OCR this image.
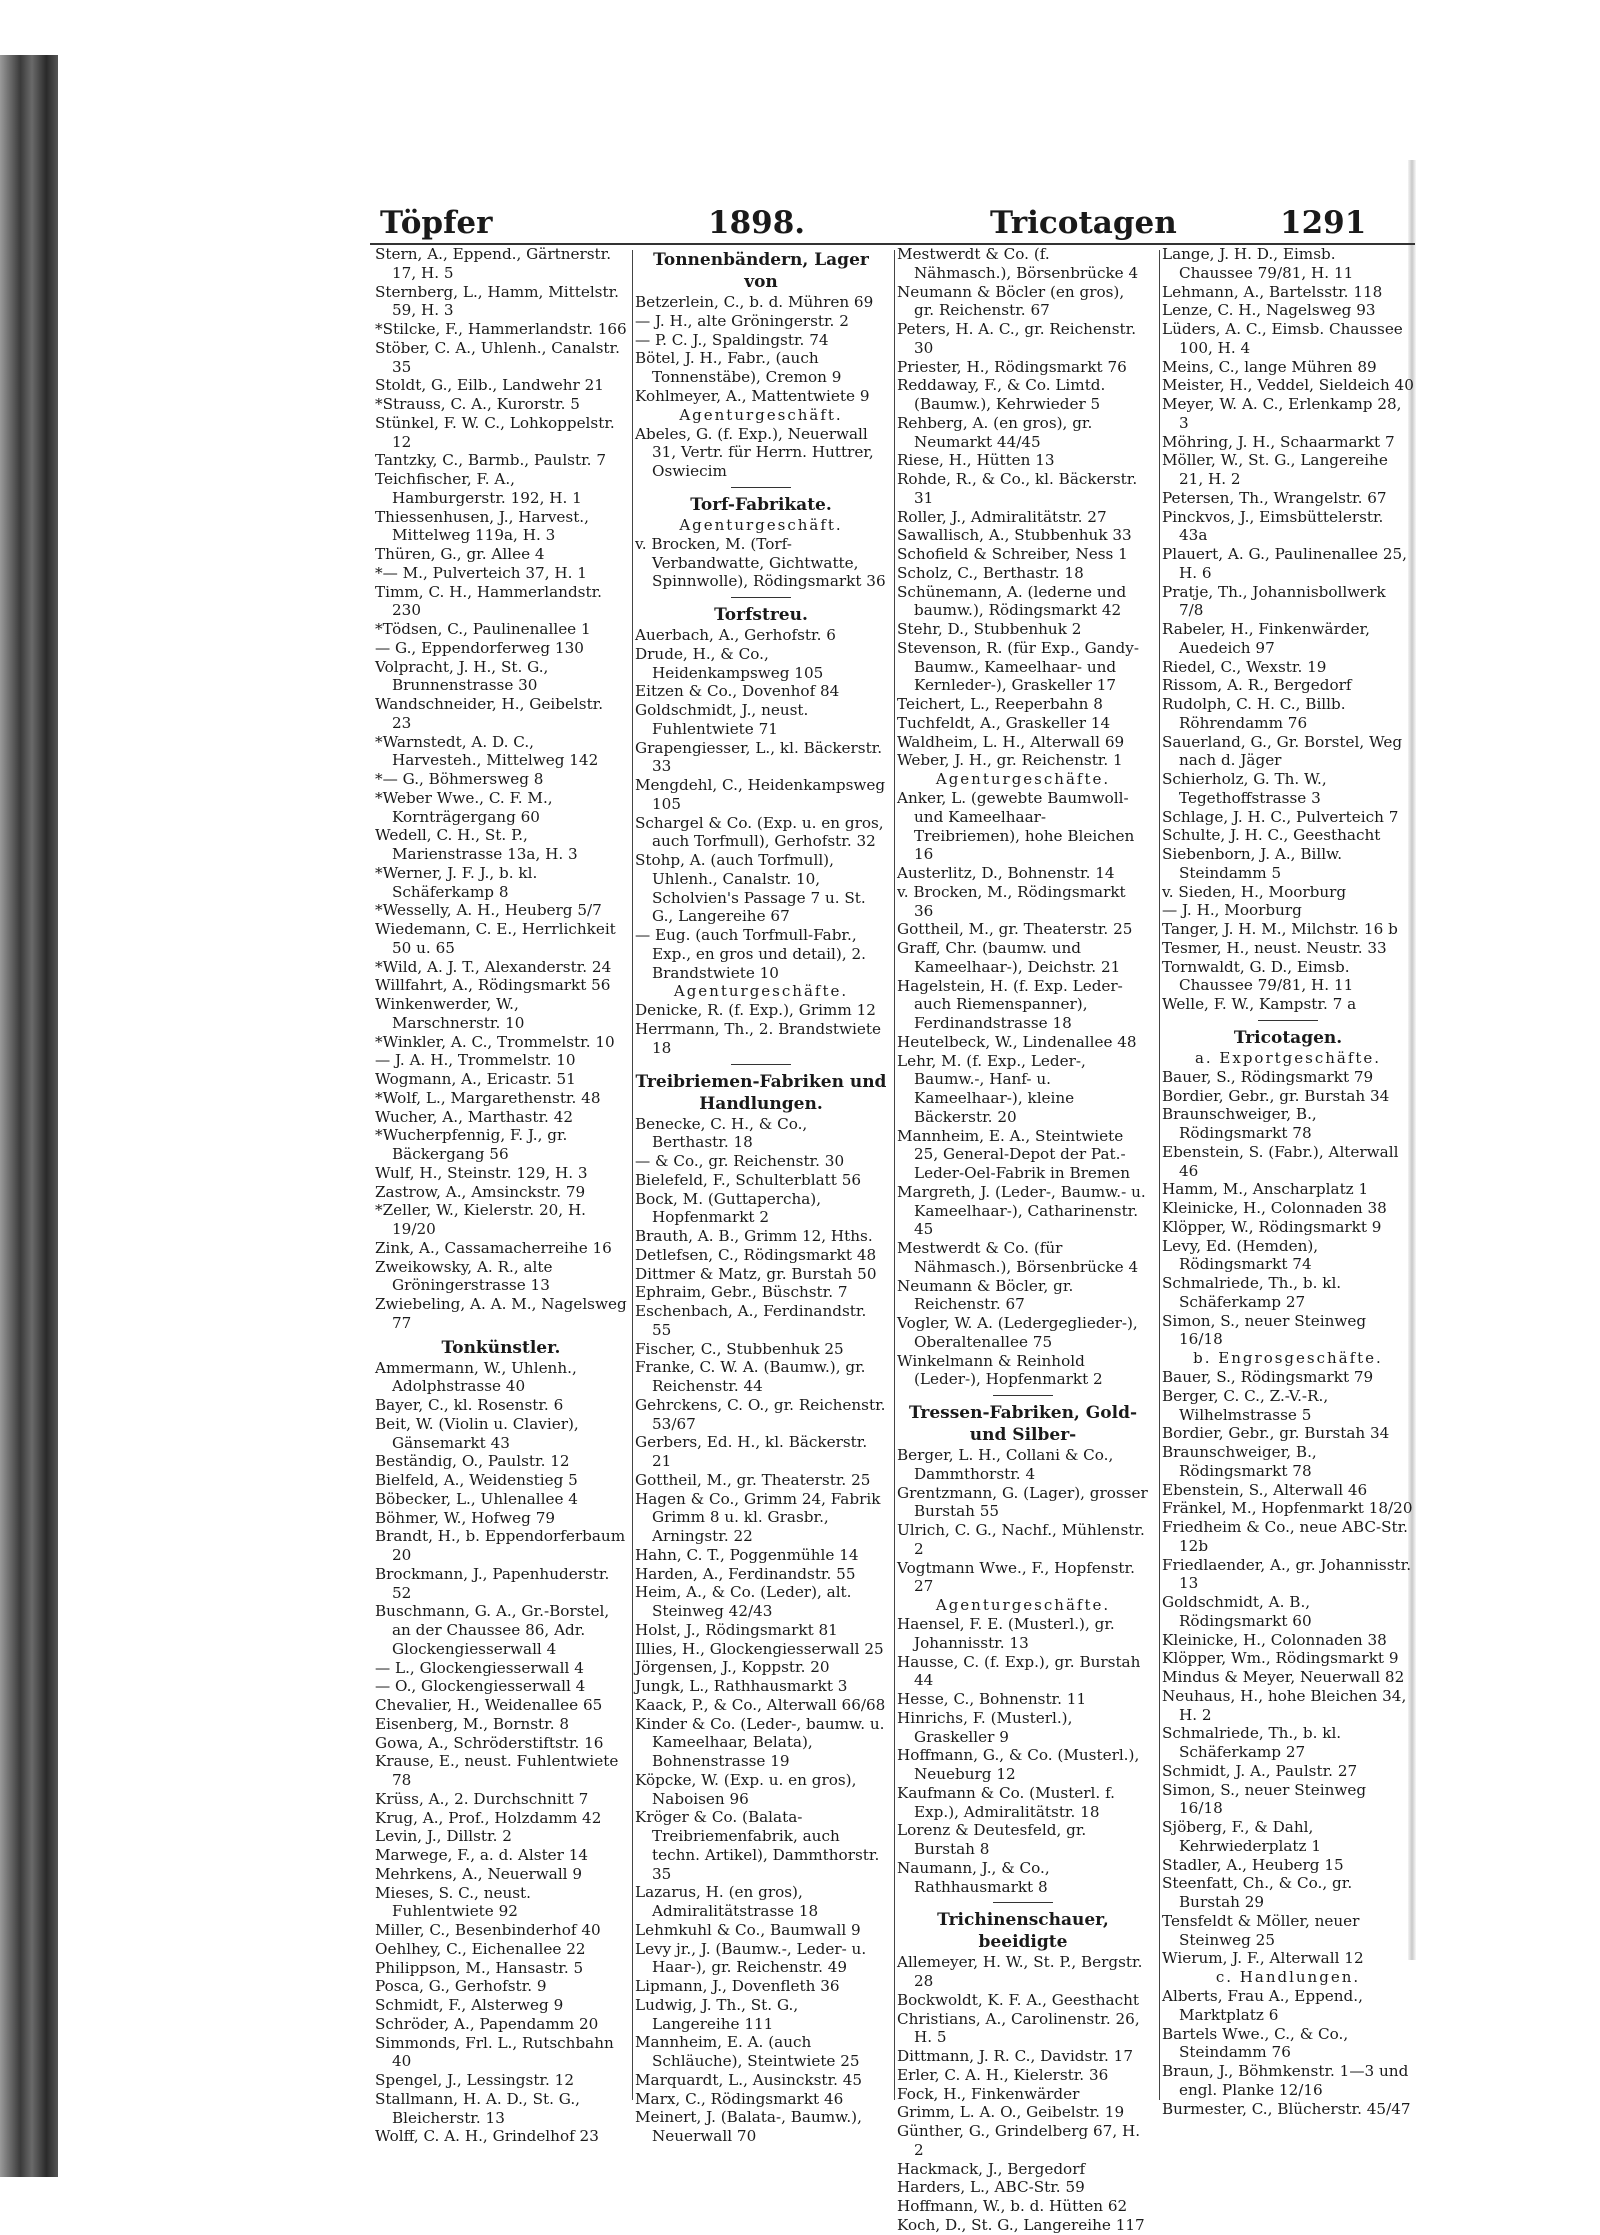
Töpfer	1898.	Tricotagen	1291
Stern, A., Eppend., Gärtnerstr. 17, H. 5
Sternberg, L., Hamm, Mittelstr. 59, H. 3
*Stilcke, F., Hammerlandstr. 166
Stöber, C. A., Uhlenh., Canalstr. 35
Stoldt, G., Eilb., Landwehr 21
*Strauss, C. A., Kurorstr. 5
Stünkel, F. W. C., Lohkoppelstr. 12
Tantzky, C., Barmb., Paulstr. 7
Teichfischer, F. A., Hamburgerstr. 192, H. 1
Thiessenhusen, J., Harvest., Mittelweg 119a, H. 3
Thüren, G., gr. Allee 4
*— M., Pulverteich 37, H. 1
Timm, C. H., Hammerlandstr. 230
*Tödsen, C., Paulinenallee 1
— G., Eppendorferweg 130
Volpracht, J. H., St. G., Brunnenstrasse 30
Wandschneider, H., Geibelstr. 23
*Warnstedt, A. D. C., Harvesteh., Mittelweg 142
*— G., Böhmersweg 8
*Weber Wwe., C. F. M., Kornträgergang 60
Wedell, C. H., St. P., Marienstrasse 13a, H. 3
*Werner, J. F. J., b. kl. Schäferkamp 8
*Wesselly, A. H., Heuberg 5/7
Wiedemann, C. E., Herrlichkeit 50 u. 65
*Wild, A. J. T., Alexanderstr. 24
Willfahrt, A., Rödingsmarkt 56
Winkenwerder, W., Marschnerstr. 10
*Winkler, A. C., Trommelstr. 10
— J. A. H., Trommelstr. 10
Wogmann, A., Ericastr. 51
*Wolf, L., Margarethenstr. 48
Wucher, A., Marthastr. 42
*Wucherpfennig, F. J., gr. Bäckergang 56
Wulf, H., Steinstr. 129, H. 3
Zastrow, A., Amsinckstr. 79
*Zeller, W., Kielerstr. 20, H. 19/20
Zink, A., Cassamacherreihe 16
Zweikowsky, A. R., alte Gröningerstrasse 13
Zwiebeling, A. A. M., Nagelsweg 77
Tonkünstler.
Ammermann, W., Uhlenh., Adolphstrasse 40
Bayer, C., kl. Rosenstr. 6
Beit, W. (Violin u. Clavier), Gänsemarkt 43
Beständig, O., Paulstr. 12
Bielfeld, A., Weidenstieg 5
Böbecker, L., Uhlenallee 4
Böhmer, W., Hofweg 79
Brandt, H., b. Eppendorferbaum 20
Brockmann, J., Papenhuderstr. 52
Buschmann, G. A., Gr.-Borstel, an der Chaussee 86, Adr. Glockengiesserwall 4
— L., Glockengiesserwall 4
— O., Glockengiesserwall 4
Chevalier, H., Weidenallee 65
Eisenberg, M., Bornstr. 8
Gowa, A., Schröderstiftstr. 16
Krause, E., neust. Fuhlentwiete 78
Krüss, A., 2. Durchschnitt 7
Krug, A., Prof., Holzdamm 42
Levin, J., Dillstr. 2
Marwege, F., a. d. Alster 14
Mehrkens, A., Neuerwall 9
Mieses, S. C., neust. Fuhlentwiete 92
Miller, C., Besenbinderhof 40
Oehlhey, C., Eichenallee 22
Philippson, M., Hansastr. 5
Posca, G., Gerhofstr. 9
Schmidt, F., Alsterweg 9
Schröder, A., Papendamm 20
Simmonds, Frl. L., Rutschbahn 40
Spengel, J., Lessingstr. 12
Stallmann, H. A. D., St. G., Bleicherstr. 13
Wolff, C. A. H., Grindelhof 23
Tonnenbändern, Lager von
Betzerlein, C., b. d. Mühren 69
— J. H., alte Gröningerstr. 2
— P. C. J., Spaldingstr. 74
Bötel, J. H., Fabr., (auch Tonnenstäbe), Cremon 9
Kohlmeyer, A., Mattentwiete 9
Agenturgeschäft.
Abeles, G. (f. Exp.), Neuerwall 31, Vertr. für Herrn. Huttrer, Oswiecim
Torf-Fabrikate.
Agenturgeschäft.
v. Brocken, M. (Torf-Verbandwatte, Gichtwatte, Spinnwolle), Rödingsmarkt 36
Torfstreu.
Auerbach, A., Gerhofstr. 6
Drude, H., & Co., Heidenkampsweg 105
Eitzen & Co., Dovenhof 84
Goldschmidt, J., neust. Fuhlentwiete 71
Grapengiesser, L., kl. Bäckerstr. 33
Mengdehl, C., Heidenkampsweg 105
Schargel & Co. (Exp. u. en gros, auch Torfmull), Gerhofstr. 32
Stohp, A. (auch Torfmull), Uhlenh., Canalstr. 10, Scholvien's Passage 7 u. St. G., Langereihe 67
— Eug. (auch Torfmull-Fabr., Exp., en gros und detail), 2. Brandstwiete 10
Agenturgeschäfte.
Denicke, R. (f. Exp.), Grimm 12
Herrmann, Th., 2. Brandstwiete 18
Treibriemen-Fabriken und Handlungen.
Benecke, C. H., & Co., Berthastr. 18
— & Co., gr. Reichenstr. 30
Bielefeld, F., Schulterblatt 56
Bock, M. (Guttapercha), Hopfenmarkt 2
Brauth, A. B., Grimm 12, Hths.
Detlefsen, C., Rödingsmarkt 48
Dittmer & Matz, gr. Burstah 50
Ephraim, Gebr., Büschstr. 7
Eschenbach, A., Ferdinandstr. 55
Fischer, C., Stubbenhuk 25
Franke, C. W. A. (Baumw.), gr. Reichenstr. 44
Gehrckens, C. O., gr. Reichenstr. 53/67
Gerbers, Ed. H., kl. Bäckerstr. 21
Gottheil, M., gr. Theaterstr. 25
Hagen & Co., Grimm 24, Fabrik Grimm 8 u. kl. Grasbr., Arningstr. 22
Hahn, C. T., Poggenmühle 14
Harden, A., Ferdinandstr. 55
Heim, A., & Co. (Leder), alt. Steinweg 42/43
Holst, J., Rödingsmarkt 81
Illies, H., Glockengiesserwall 25
Jörgensen, J., Koppstr. 20
Jungk, L., Rathhausmarkt 3
Kaack, P., & Co., Alterwall 66/68
Kinder & Co. (Leder-, baumw. u. Kameelhaar, Belata), Bohnenstrasse 19
Köpcke, W. (Exp. u. en gros), Naboisen 96
Kröger & Co. (Balata-Treibriemenfabrik, auch techn. Artikel), Dammthorstr. 35
Lazarus, H. (en gros), Admiralitätstrasse 18
Lehmkuhl & Co., Baumwall 9
Levy jr., J. (Baumw.-, Leder- u. Haar-), gr. Reichenstr. 49
Lipmann, J., Dovenfleth 36
Ludwig, J. Th., St. G., Langereihe 111
Mannheim, E. A. (auch Schläuche), Steintwiete 25
Marquardt, L., Ausinckstr. 45
Marx, C., Rödingsmarkt 46
Meinert, J. (Balata-, Baumw.), Neuerwall 70
Mestwerdt & Co. (f. Nähmasch.), Börsenbrücke 4
Neumann & Böcler (en gros), gr. Reichenstr. 67
Peters, H. A. C., gr. Reichenstr. 30
Priester, H., Rödingsmarkt 76
Reddaway, F., & Co. Limtd. (Baumw.), Kehrwieder 5
Rehberg, A. (en gros), gr. Neumarkt 44/45
Riese, H., Hütten 13
Rohde, R., & Co., kl. Bäckerstr. 31
Roller, J., Admiralitätstr. 27
Sawallisch, A., Stubbenhuk 33
Schofield & Schreiber, Ness 1
Scholz, C., Berthastr. 18
Schünemann, A. (lederne und baumw.), Rödingsmarkt 42
Stehr, D., Stubbenhuk 2
Stevenson, R. (für Exp., Gandy-Baumw., Kameelhaar- und Kernleder-), Graskeller 17
Teichert, L., Reeperbahn 8
Tuchfeldt, A., Graskeller 14
Waldheim, L. H., Alterwall 69
Weber, J. H., gr. Reichenstr. 1
Agenturgeschäfte.
Anker, L. (gewebte Baumwoll- und Kameelhaar-Treibriemen), hohe Bleichen 16
Austerlitz, D., Bohnenstr. 14
v. Brocken, M., Rödingsmarkt 36
Gottheil, M., gr. Theaterstr. 25
Graff, Chr. (baumw. und Kameelhaar-), Deichstr. 21
Hagelstein, H. (f. Exp. Leder- auch Riemenspanner), Ferdinandstrasse 18
Heutelbeck, W., Lindenallee 48
Lehr, M. (f. Exp., Leder-, Baumw.-, Hanf- u. Kameelhaar-), kleine Bäckerstr. 20
Mannheim, E. A., Steintwiete 25, General-Depot der Pat.-Leder-Oel-Fabrik in Bremen
Margreth, J. (Leder-, Baumw.- u. Kameelhaar-), Catharinenstr. 45
Mestwerdt & Co. (für Nähmasch.), Börsenbrücke 4
Neumann & Böcler, gr. Reichenstr. 67
Vogler, W. A. (Ledergeglieder-), Oberaltenallee 75
Winkelmann & Reinhold (Leder-), Hopfenmarkt 2
Tressen-Fabriken, Gold- und Silber-
Berger, L. H., Collani & Co., Dammthorstr. 4
Grentzmann, G. (Lager), grosser Burstah 55
Ulrich, C. G., Nachf., Mühlenstr. 2
Vogtmann Wwe., F., Hopfenstr. 27
Agenturgeschäfte.
Haensel, F. E. (Musterl.), gr. Johannisstr. 13
Hausse, C. (f. Exp.), gr. Burstah 44
Hesse, C., Bohnenstr. 11
Hinrichs, F. (Musterl.), Graskeller 9
Hoffmann, G., & Co. (Musterl.), Neueburg 12
Kaufmann & Co. (Musterl. f. Exp.), Admiralitätstr. 18
Lorenz & Deutesfeld, gr. Burstah 8
Naumann, J., & Co., Rathhausmarkt 8
Trichinenschauer, beeidigte
Allemeyer, H. W., St. P., Bergstr. 28
Bockwoldt, K. F. A., Geesthacht
Christians, A., Carolinenstr. 26, H. 5
Dittmann, J. R. C., Davidstr. 17
Erler, C. A. H., Kielerstr. 36
Fock, H., Finkenwärder
Grimm, L. A. O., Geibelstr. 19
Günther, G., Grindelberg 67, H. 2
Hackmack, J., Bergedorf
Harders, L., ABC-Str. 59
Hoffmann, W., b. d. Hütten 62
Koch, D., St. G., Langereihe 117
Lange, J. H. D., Eimsb. Chaussee 79/81, H. 11
Lehmann, A., Bartelsstr. 118
Lenze, C. H., Nagelsweg 93
Lüders, A. C., Eimsb. Chaussee 100, H. 4
Meins, C., lange Mühren 89
Meister, H., Veddel, Sieldeich 40
Meyer, W. A. C., Erlenkamp 28, 3
Möhring, J. H., Schaarmarkt 7
Möller, W., St. G., Langereihe 21, H. 2
Petersen, Th., Wrangelstr. 67
Pinckvos, J., Eimsbüttelerstr. 43a
Plauert, A. G., Paulinenallee 25, H. 6
Pratje, Th., Johannisbollwerk 7/8
Rabeler, H., Finkenwärder, Auedeich 97
Riedel, C., Wexstr. 19
Rissom, A. R., Bergedorf
Rudolph, C. H. C., Billb. Röhrendamm 76
Sauerland, G., Gr. Borstel, Weg nach d. Jäger
Schierholz, G. Th. W., Tegethoffstrasse 3
Schlage, J. H. C., Pulverteich 7
Schulte, J. H. C., Geesthacht
Siebenborn, J. A., Billw. Steindamm 5
v. Sieden, H., Moorburg
— J. H., Moorburg
Tanger, J. H. M., Milchstr. 16 b
Tesmer, H., neust. Neustr. 33
Tornwaldt, G. D., Eimsb. Chaussee 79/81, H. 11
Welle, F. W., Kampstr. 7 a
Tricotagen.
a. Exportgeschäfte.
Bauer, S., Rödingsmarkt 79
Bordier, Gebr., gr. Burstah 34
Braunschweiger, B., Rödingsmarkt 78
Ebenstein, S. (Fabr.), Alterwall 46
Hamm, M., Anscharplatz 1
Kleinicke, H., Colonnaden 38
Klöpper, W., Rödingsmarkt 9
Levy, Ed. (Hemden), Rödingsmarkt 74
Schmalriede, Th., b. kl. Schäferkamp 27
Simon, S., neuer Steinweg 16/18
b. Engrosgeschäfte.
Bauer, S., Rödingsmarkt 79
Berger, C. C., Z.-V.-R., Wilhelmstrasse 5
Bordier, Gebr., gr. Burstah 34
Braunschweiger, B., Rödingsmarkt 78
Ebenstein, S., Alterwall 46
Fränkel, M., Hopfenmarkt 18/20
Friedheim & Co., neue ABC-Str. 12b
Friedlaender, A., gr. Johannisstr. 13
Goldschmidt, A. B., Rödingsmarkt 60
Kleinicke, H., Colonnaden 38
Klöpper, Wm., Rödingsmarkt 9
Mindus & Meyer, Neuerwall 82
Neuhaus, H., hohe Bleichen 34, H. 2
Schmalriede, Th., b. kl. Schäferkamp 27
Schmidt, J. A., Paulstr. 27
Simon, S., neuer Steinweg 16/18
Sjöberg, F., & Dahl, Kehrwiederplatz 1
Stadler, A., Heuberg 15
Steenfatt, Ch., & Co., gr. Burstah 29
Tensfeldt & Möller, neuer Steinweg 25
Wierum, J. F., Alterwall 12
c. Handlungen.
Alberts, Frau A., Eppend., Marktplatz 6
Bartels Wwe., C., & Co., Steindamm 76
Braun, J., Böhmkenstr. 1—3 und engl. Planke 12/16
Burmester, C., Blücherstr. 45/47
